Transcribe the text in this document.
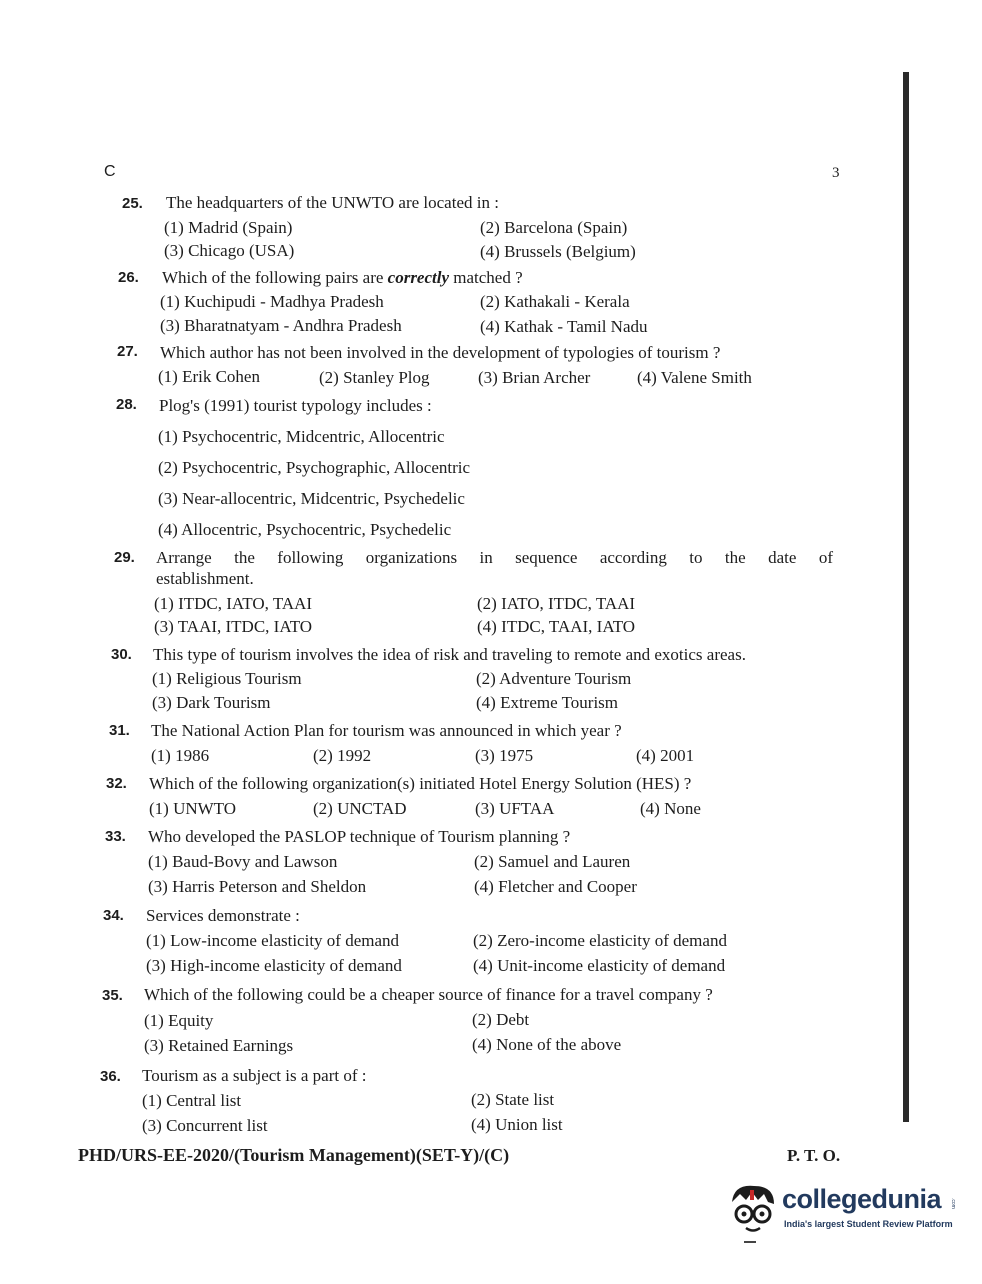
C	3
25. The headquarters of the UNWTO are located in :
(1) Madrid (Spain)	(2) Barcelona (Spain)
(3) Chicago (USA)	(4) Brussels (Belgium)
26. Which of the following pairs are correctly matched ?
(1) Kuchipudi - Madhya Pradesh	(2) Kathakali - Kerala
(3) Bharatnatyam - Andhra Pradesh	(4) Kathak - Tamil Nadu
27. Which author has not been involved in the development of typologies of tourism ?
(1) Erik Cohen	(2) Stanley Plog	(3) Brian Archer	(4) Valene Smith
28. Plog's (1991) tourist typology includes :
(1) Psychocentric, Midcentric, Allocentric
(2) Psychocentric, Psychographic, Allocentric
(3) Near-allocentric, Midcentric, Psychedelic
(4) Allocentric, Psychocentric, Psychedelic
29. Arrange the following organizations in sequence according to the date of
establishment.
(1) ITDC, IATO, TAAI	(2) IATO, ITDC, TAAI
(3) TAAI, ITDC, IATO	(4) ITDC, TAAI, IATO
30. This type of tourism involves the idea of risk and traveling to remote and exotics areas.
(1) Religious Tourism	(2) Adventure Tourism
(3) Dark Tourism	(4) Extreme Tourism
31. The National Action Plan for tourism was announced in which year ?
(1) 1986	(2) 1992	(3) 1975	(4) 2001
32. Which of the following organization(s) initiated Hotel Energy Solution (HES) ?
(1) UNWTO	(2) UNCTAD	(3) UFTAA	(4) None
33. Who developed the PASLOP technique of Tourism planning ?
(1) Baud-Bovy and Lawson	(2) Samuel and Lauren
(3) Harris Peterson and Sheldon	(4) Fletcher and Cooper
34. Services demonstrate :
(1) Low-income elasticity of demand	(2) Zero-income elasticity of demand
(3) High-income elasticity of demand	(4) Unit-income elasticity of demand
35. Which of the following could be a cheaper source of finance for a travel company ?
(1) Equity	(2) Debt
(3) Retained Earnings	(4) None of the above
36. Tourism as a subject is a part of :
(1) Central list	(2) State list
(3) Concurrent list	(4) Union list
PHD/URS-EE-2020/(Tourism Management)(SET-Y)/(C)	P. T. O.
collegedunia .com
India's largest Student Review Platform
